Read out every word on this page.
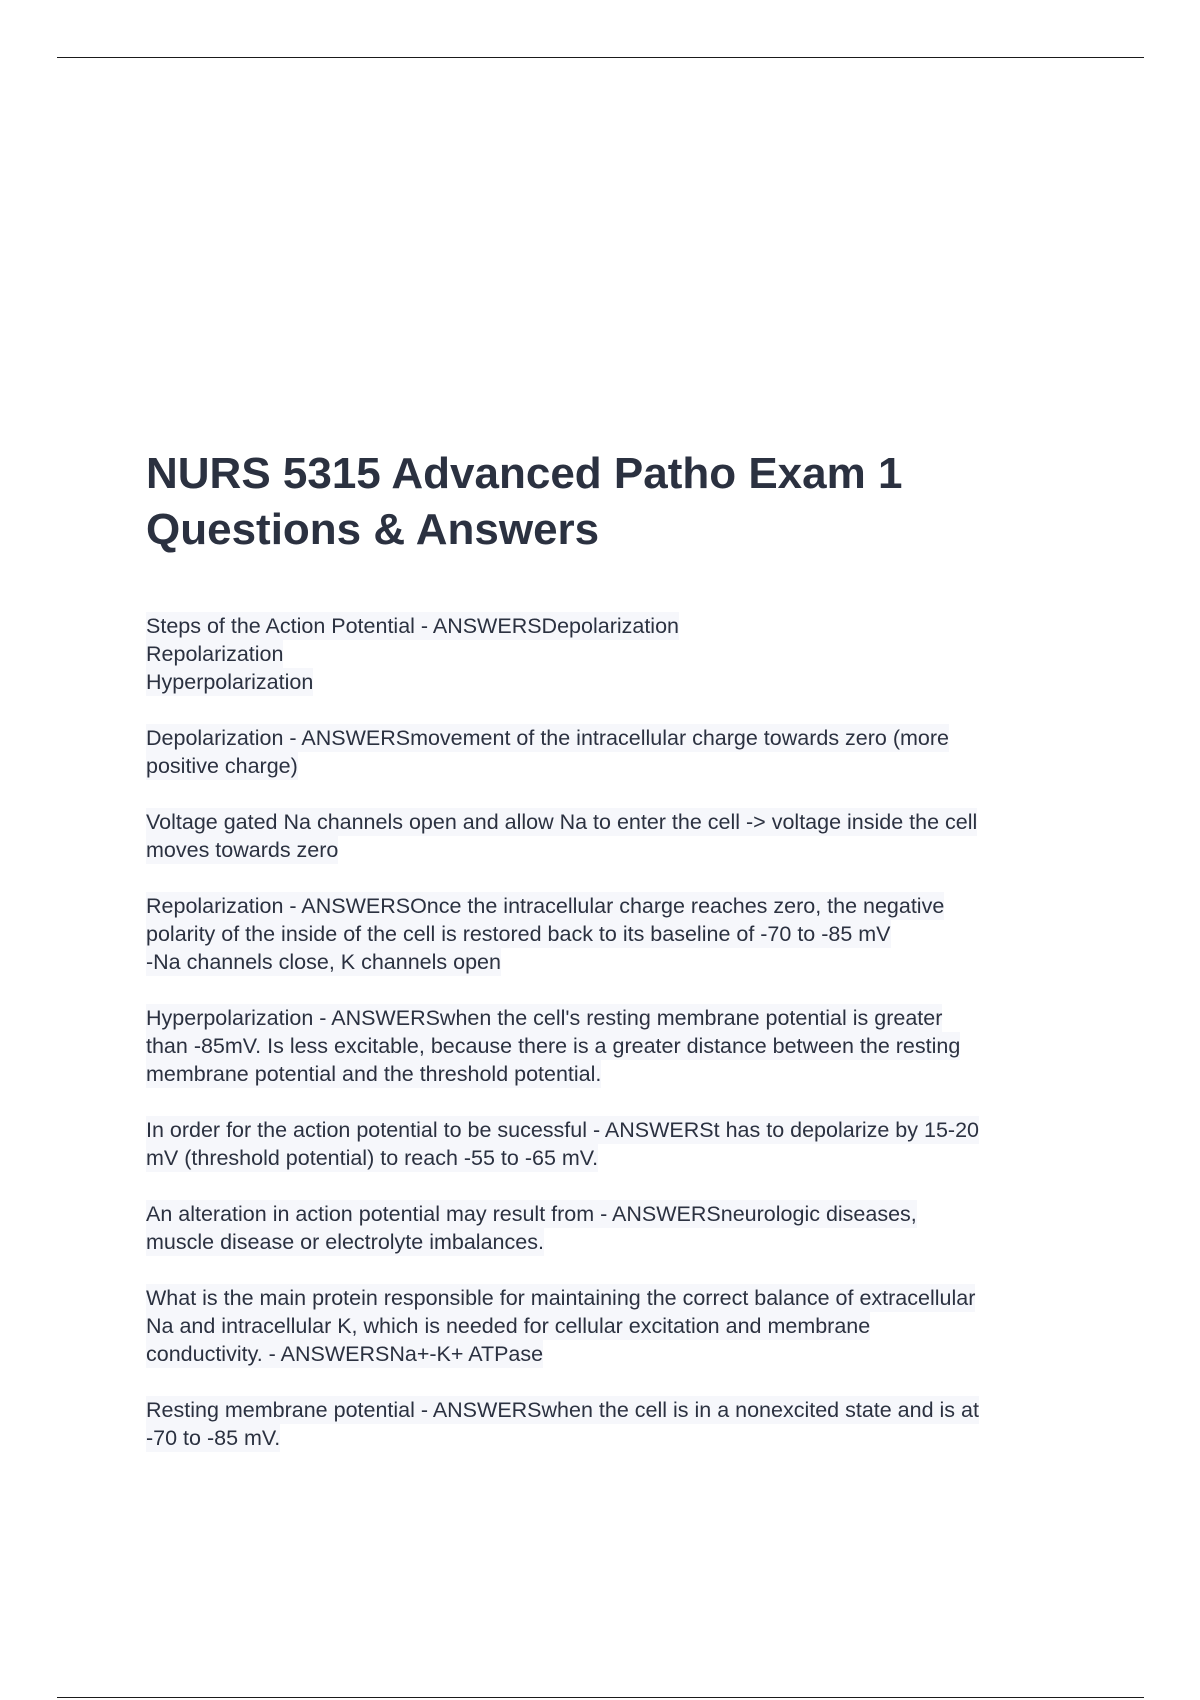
NURS 5315 Advanced Patho Exam 1
Questions & Answers
Steps of the Action Potential - ANSWERSDepolarization
Repolarization
Hyperpolarization

Depolarization - ANSWERSmovement of the intracellular charge towards zero (more
positive charge)

Voltage gated Na channels open and allow Na to enter the cell -> voltage inside the cell
moves towards zero

Repolarization - ANSWERSOnce the intracellular charge reaches zero, the negative
polarity of the inside of the cell is restored back to its baseline of -70 to -85 mV
-Na channels close, K channels open

Hyperpolarization - ANSWERSwhen the cell's resting membrane potential is greater
than -85mV. Is less excitable, because there is a greater distance between the resting
membrane potential and the threshold potential.

In order for the action potential to be sucessful - ANSWERSt has to depolarize by 15-20
mV (threshold potential) to reach -55 to -65 mV.

An alteration in action potential may result from - ANSWERSneurologic diseases,
muscle disease or electrolyte imbalances.

What is the main protein responsible for maintaining the correct balance of extracellular
Na and intracellular K, which is needed for cellular excitation and membrane
conductivity. - ANSWERSNa+-K+ ATPase

Resting membrane potential - ANSWERSwhen the cell is in a nonexcited state and is at
-70 to -85 mV.
